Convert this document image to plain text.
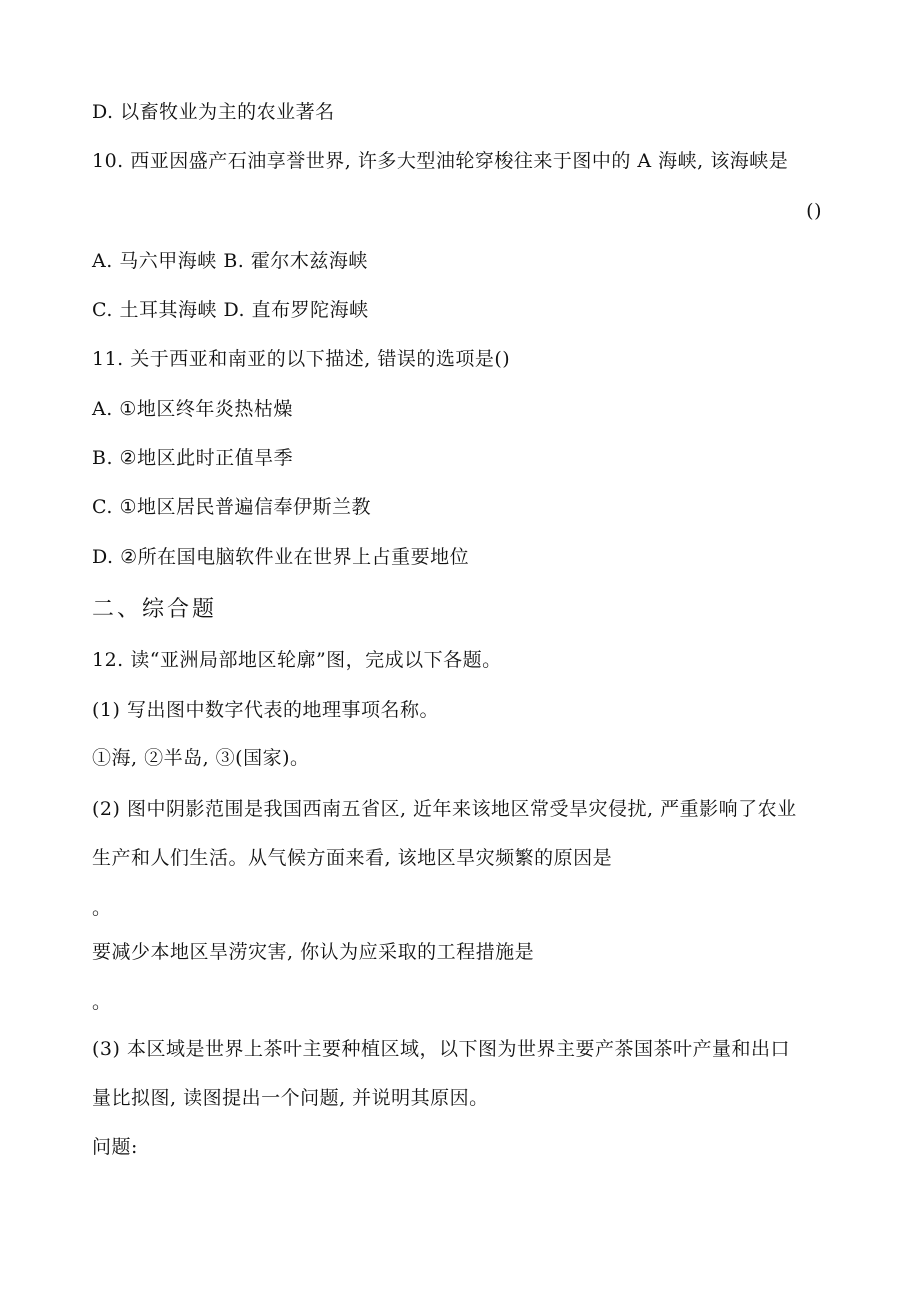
D. 以畜牧业为主的农业著名
10. 西亚因盛产石油享誉世界, 许多大型油轮穿梭往来于图中的 A 海峡, 该海峡是
()
A. 马六甲海峡 B. 霍尔木兹海峡
C. 土耳其海峡 D. 直布罗陀海峡
11. 关于西亚和南亚的以下描述, 错误的选项是()
A. ①地区终年炎热枯燥
B. ②地区此时正值旱季
C. ①地区居民普遍信奉伊斯兰教
D. ②所在国电脑软件业在世界上占重要地位
二、综合题
12. 读“亚洲局部地区轮廓”图，完成以下各题。
(1) 写出图中数字代表的地理事项名称。
①海, ②半岛, ③(国家)。
(2) 图中阴影范围是我国西南五省区, 近年来该地区常受旱灾侵扰, 严重影响了农业
生产和人们生活。从气候方面来看, 该地区旱灾频繁的原因是
。
要减少本地区旱涝灾害, 你认为应采取的工程措施是
。
(3) 本区域是世界上茶叶主要种植区域，以下图为世界主要产茶国茶叶产量和出口
量比拟图, 读图提出一个问题, 并说明其原因。
问题:
